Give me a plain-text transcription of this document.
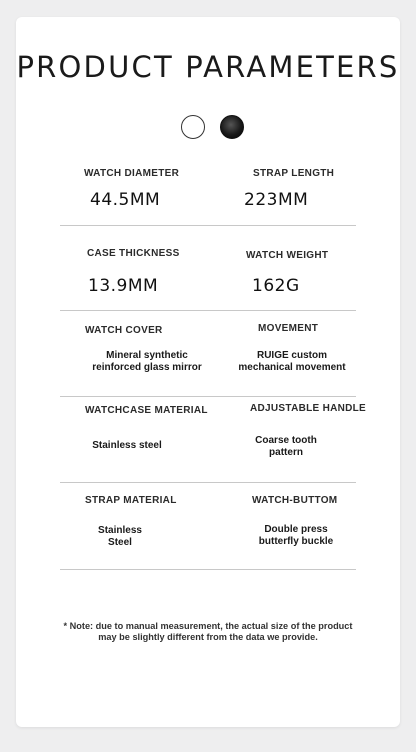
PRODUCT PARAMETERS
WATCH DIAMETER
44.5MM
STRAP LENGTH
223MM
CASE THICKNESS
13.9MM
WATCH WEIGHT
162G
WATCH COVER
Mineral synthetic
reinforced glass mirror
MOVEMENT
RUIGE custom
mechanical movement
WATCHCASE MATERIAL
Stainless steel
ADJUSTABLE HANDLE
Coarse tooth
pattern
STRAP MATERIAL
Stainless
Steel
WATCH-BUTTOM
Double press
butterfly buckle
* Note: due to manual measurement, the actual size of the product
may be slightly different from the data we provide.
